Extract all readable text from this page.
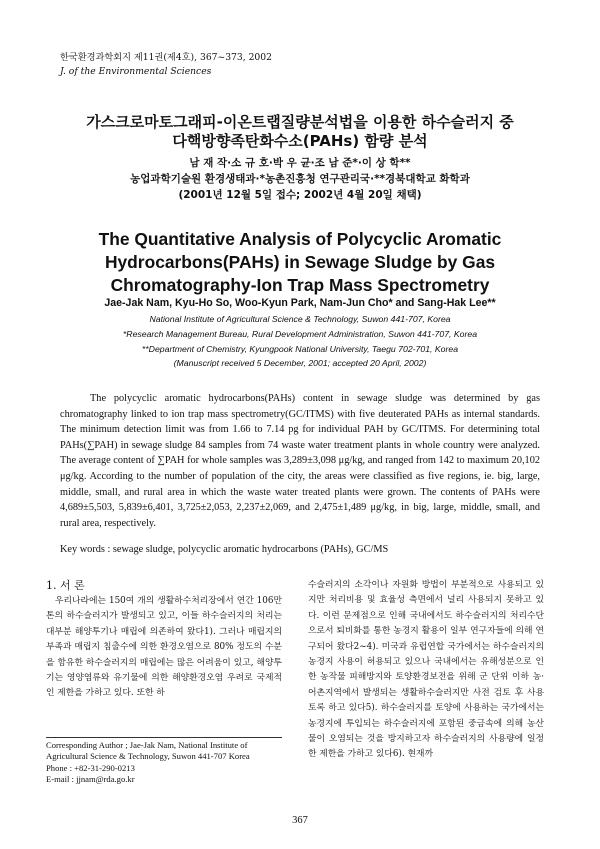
한국환경과학회지 제11권(제4호), 367~373, 2002
J. of the Environmental Sciences
가스크로마토그래피-이온트랩질량분석법을 이용한 하수슬러지 중
다핵방향족탄화수소(PAHs) 함량 분석
남 재 작·소 규 호·박 우 균·조 남 준*·이 상 학**
농업과학기술원 환경생태과·*농촌진흥청 연구관리국·**경북대학교 화학과
(2001년 12월 5일 접수; 2002년 4월 20일 채택)
The Quantitative Analysis of Polycyclic Aromatic
Hydrocarbons(PAHs) in Sewage Sludge by Gas
Chromatography-Ion Trap Mass Spectrometry
Jae-Jak Nam, Kyu-Ho So, Woo-Kyun Park, Nam-Jun Cho* and Sang-Hak Lee**
National Institute of Agricultural Science & Technology, Suwon 441-707, Korea
*Research Management Bureau, Rural Development Administration, Suwon 441-707, Korea
**Department of Chemistry, Kyungpook National University, Taegu 702-701, Korea
(Manuscript received 5 December, 2001; accepted 20 April, 2002)

The polycyclic aromatic hydrocarbons(PAHs) content in sewage sludge was determined by gas chromatography linked to ion trap mass spectrometry(GC/ITMS) with five deuterated PAHs as internal standards. The minimum detection limit was from 1.66 to 7.14 pg for individual PAH by GC/ITMS. For determining total PAHs(∑PAH) in sewage sludge 84 samples from 74 waste water treatment plants in whole country were analyzed. The average content of ∑PAH for whole samples was 3,289±3,098 μg/kg, and ranged from 142 to maximum 20,102 μg/kg. According to the number of population of the city, the areas were classified as five regions, ie. big, large, middle, small, and rural area in which the waste water treated plants were grown. The contents of PAHs were 4,689±5,503, 5,839±6,401, 3,725±2,053, 2,237±2,069, and 2,475±1,489 μg/kg, in big, large, middle, small, and rural area, respectively.

Key words : sewage sludge, polycyclic aromatic hydrocarbons (PAHs), GC/MS
1. 서 론

우리나라에는 150여 개의 생활하수처리장에서 연간 106만 톤의 하수슬러지가 발생되고 있고, 이들 하수슬러지의 처리는 대부분 해양투기나 매립에 의존하여 왔다1). 그러나 매립지의 부족과 매립지 침출수에 의한 환경오염으로 80% 정도의 수분을 함유한 하수슬러지의 매립에는 많은 어려움이 있고, 해양투기는 영양염류와 유기물에 의한 해양환경오염 우려로 국제적인 제한을 가하고 있다. 또한 하

수슬러지의 소각이나 자원화 방법이 부분적으로 사용되고 있지만 처리비용 및 효율성 측면에서 널리 사용되지 못하고 있다. 이런 문제점으로 인해 국내에서도 하수슬러지의 처리수단으로서 퇴비화를 통한 농경지 활용이 일부 연구자들에 의해 연구되어 왔다2~4). 미국과 유럽연합 국가에서는 하수슬러지의 농경지 사용이 허용되고 있으나 국내에서는 유해성분으로 인한 농작물 피해방지와 토양환경보전을 위해 군 단위 이하 농·어촌지역에서 발생되는 생활하수슬러지만 사전 검토 후 사용토록 하고 있다5). 하수슬러지를 토양에 사용하는 국가에서는 농경지에 투입되는 하수슬러지에 포함된 중금속에 의해 농산물이 오염되는 것을 방지하고자 하수슬러지의 사용량에 일정한 제한을 가하고 있다6). 현재까

Corresponding Author ; Jae-Jak Nam, National Institute of Agricultural Science & Technology, Suwon 441-707 Korea
Phone : +82-31-290-0213
E-mail : jjnam@rda.go.kr
367
